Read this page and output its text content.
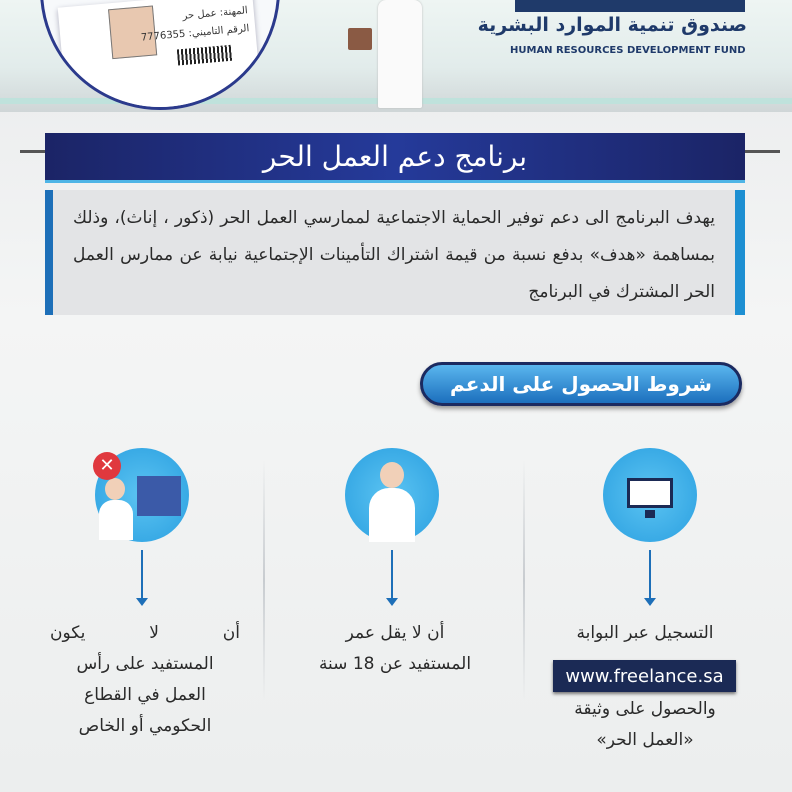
المهنة: عمل حر
الرقم التاميني: 7776355	صندوق تنمية الموارد البشرية
HUMAN RESOURCES DEVELOPMENT FUND
برنامج دعم العمل الحر
يهدف البرنامج الى دعم توفير الحماية الاجتماعية لممارسي العمل الحر (ذكور ، إناث)، وذلك بمساهمة «هدف» بدفع نسبة من قيمة اشتراك التأمينات الإجتماعية نيابة عن ممارس العمل الحر المشترك في البرنامج
شروط الحصول على الدعم
التسجيل عبر البوابة
www.freelance.sa
والحصول على وثيقة
«العمل الحر»
أن لا يقل عمر
المستفيد عن 18 سنة
✕
أن لا يكون
المستفيد على رأس
العمل في القطاع
الحكومي أو الخاص
